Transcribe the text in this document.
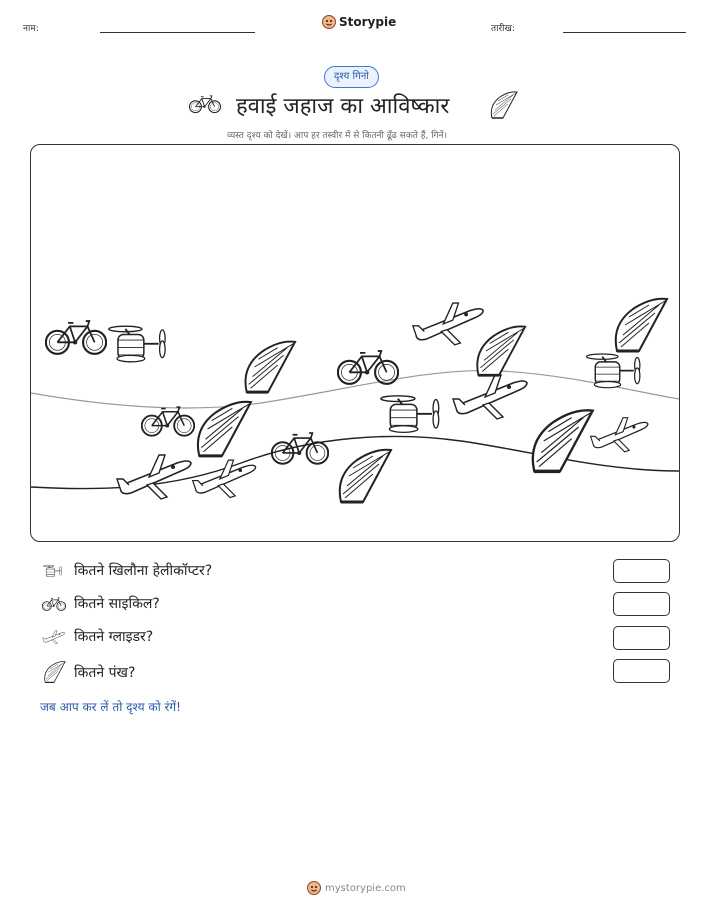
नाम:	Storypie	तारीख:
दृश्य गिनो
हवाई जहाज का आविष्कार
व्यस्त दृश्य को देखें। आप हर तस्वीर में से कितनी ढूँढ सकते हैं, गिनें।
कितने खिलौना हेलीकॉप्टर?
कितने साइकिल?
कितने ग्लाइडर?
कितने पंख?
जब आप कर लें तो दृश्य को रंगें!
mystorypie.com
